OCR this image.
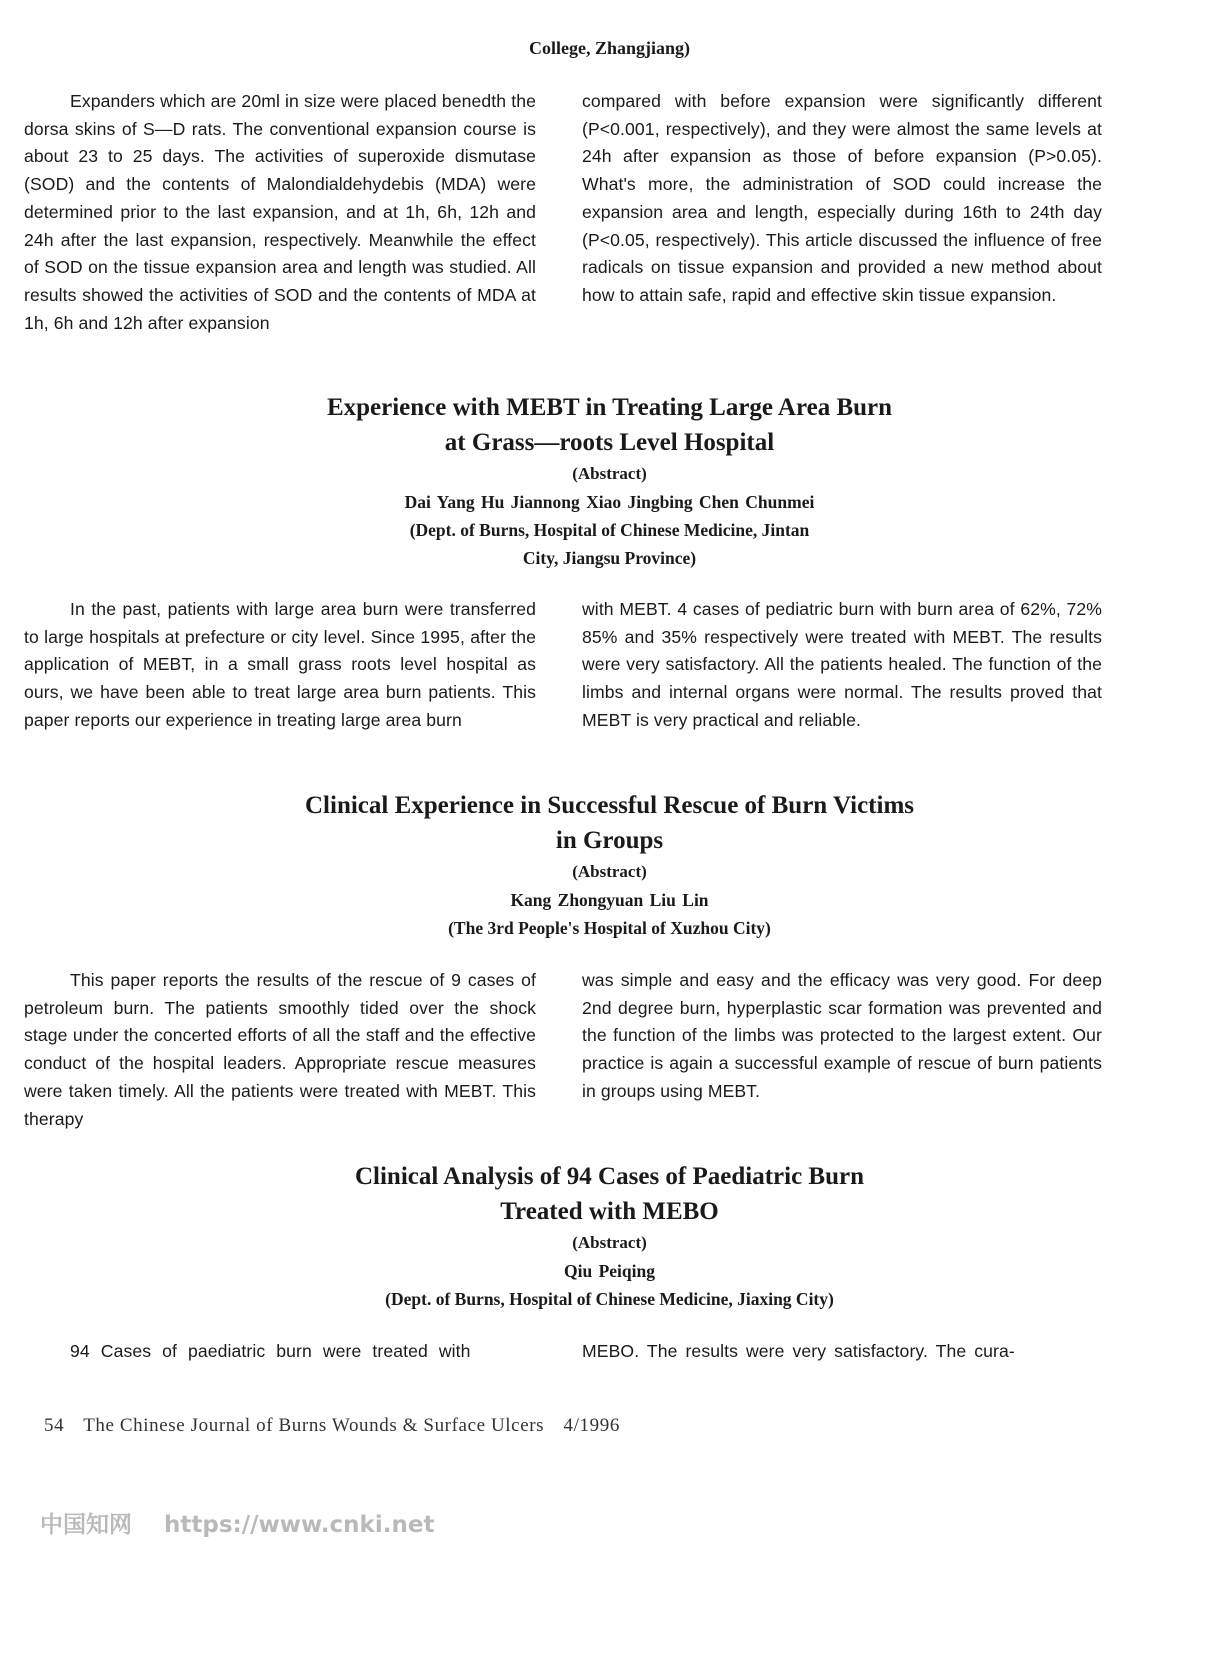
College, Zhangjiang)

Expanders which are 20ml in size were placed benedth the dorsa skins of S—D rats. The conventional expansion course is about 23 to 25 days. The activities of superoxide dismutase (SOD) and the contents of Malondialdehydebis (MDA) were determined prior to the last expansion, and at 1h, 6h, 12h and 24h after the last expansion, respectively. Meanwhile the effect of SOD on the tissue expansion area and length was studied. All results showed the activities of SOD and the contents of MDA at 1h, 6h and 12h after expansion

compared with before expansion were significantly different (P<0.001, respectively), and they were almost the same levels at 24h after expansion as those of before expansion (P>0.05). What's more, the administration of SOD could increase the expansion area and length, especially during 16th to 24th day (P<0.05, respectively). This article discussed the influence of free radicals on tissue expansion and provided a new method about how to attain safe, rapid and effective skin tissue expansion.

Experience with MEBT in Treating Large Area Burn

at Grass—roots Level Hospital

(Abstract)

Dai Yang Hu Jiannong Xiao Jingbing Chen Chunmei

(Dept. of Burns, Hospital of Chinese Medicine, Jintan

City, Jiangsu Province)

In the past, patients with large area burn were transferred to large hospitals at prefecture or city level. Since 1995, after the application of MEBT, in a small grass roots level hospital as ours, we have been able to treat large area burn patients. This paper reports our experience in treating large area burn

with MEBT. 4 cases of pediatric burn with burn area of 62%, 72% 85% and 35% respectively were treated with MEBT. The results were very satisfactory. All the patients healed. The function of the limbs and internal organs were normal. The results proved that MEBT is very practical and reliable.

Clinical Experience in Successful Rescue of Burn Victims

in Groups

(Abstract)

Kang Zhongyuan Liu Lin

(The 3rd People's Hospital of Xuzhou City)

This paper reports the results of the rescue of 9 cases of petroleum burn. The patients smoothly tided over the shock stage under the concerted efforts of all the staff and the effective conduct of the hospital leaders. Appropriate rescue measures were taken timely. All the patients were treated with MEBT. This therapy

was simple and easy and the efficacy was very good. For deep 2nd degree burn, hyperplastic scar formation was prevented and the function of the limbs was protected to the largest extent. Our practice is again a successful example of rescue of burn patients in groups using MEBT.

Clinical Analysis of 94 Cases of Paediatric Burn

Treated with MEBO

(Abstract)

Qiu Peiqing

(Dept. of Burns, Hospital of Chinese Medicine, Jiaxing City)

94 Cases of paediatric burn were treated with	MEBO. The results were very satisfactory. The cura-

54 The Chinese Journal of Burns Wounds & Surface Ulcers 4/1996
中国知网 https://www.cnki.net
